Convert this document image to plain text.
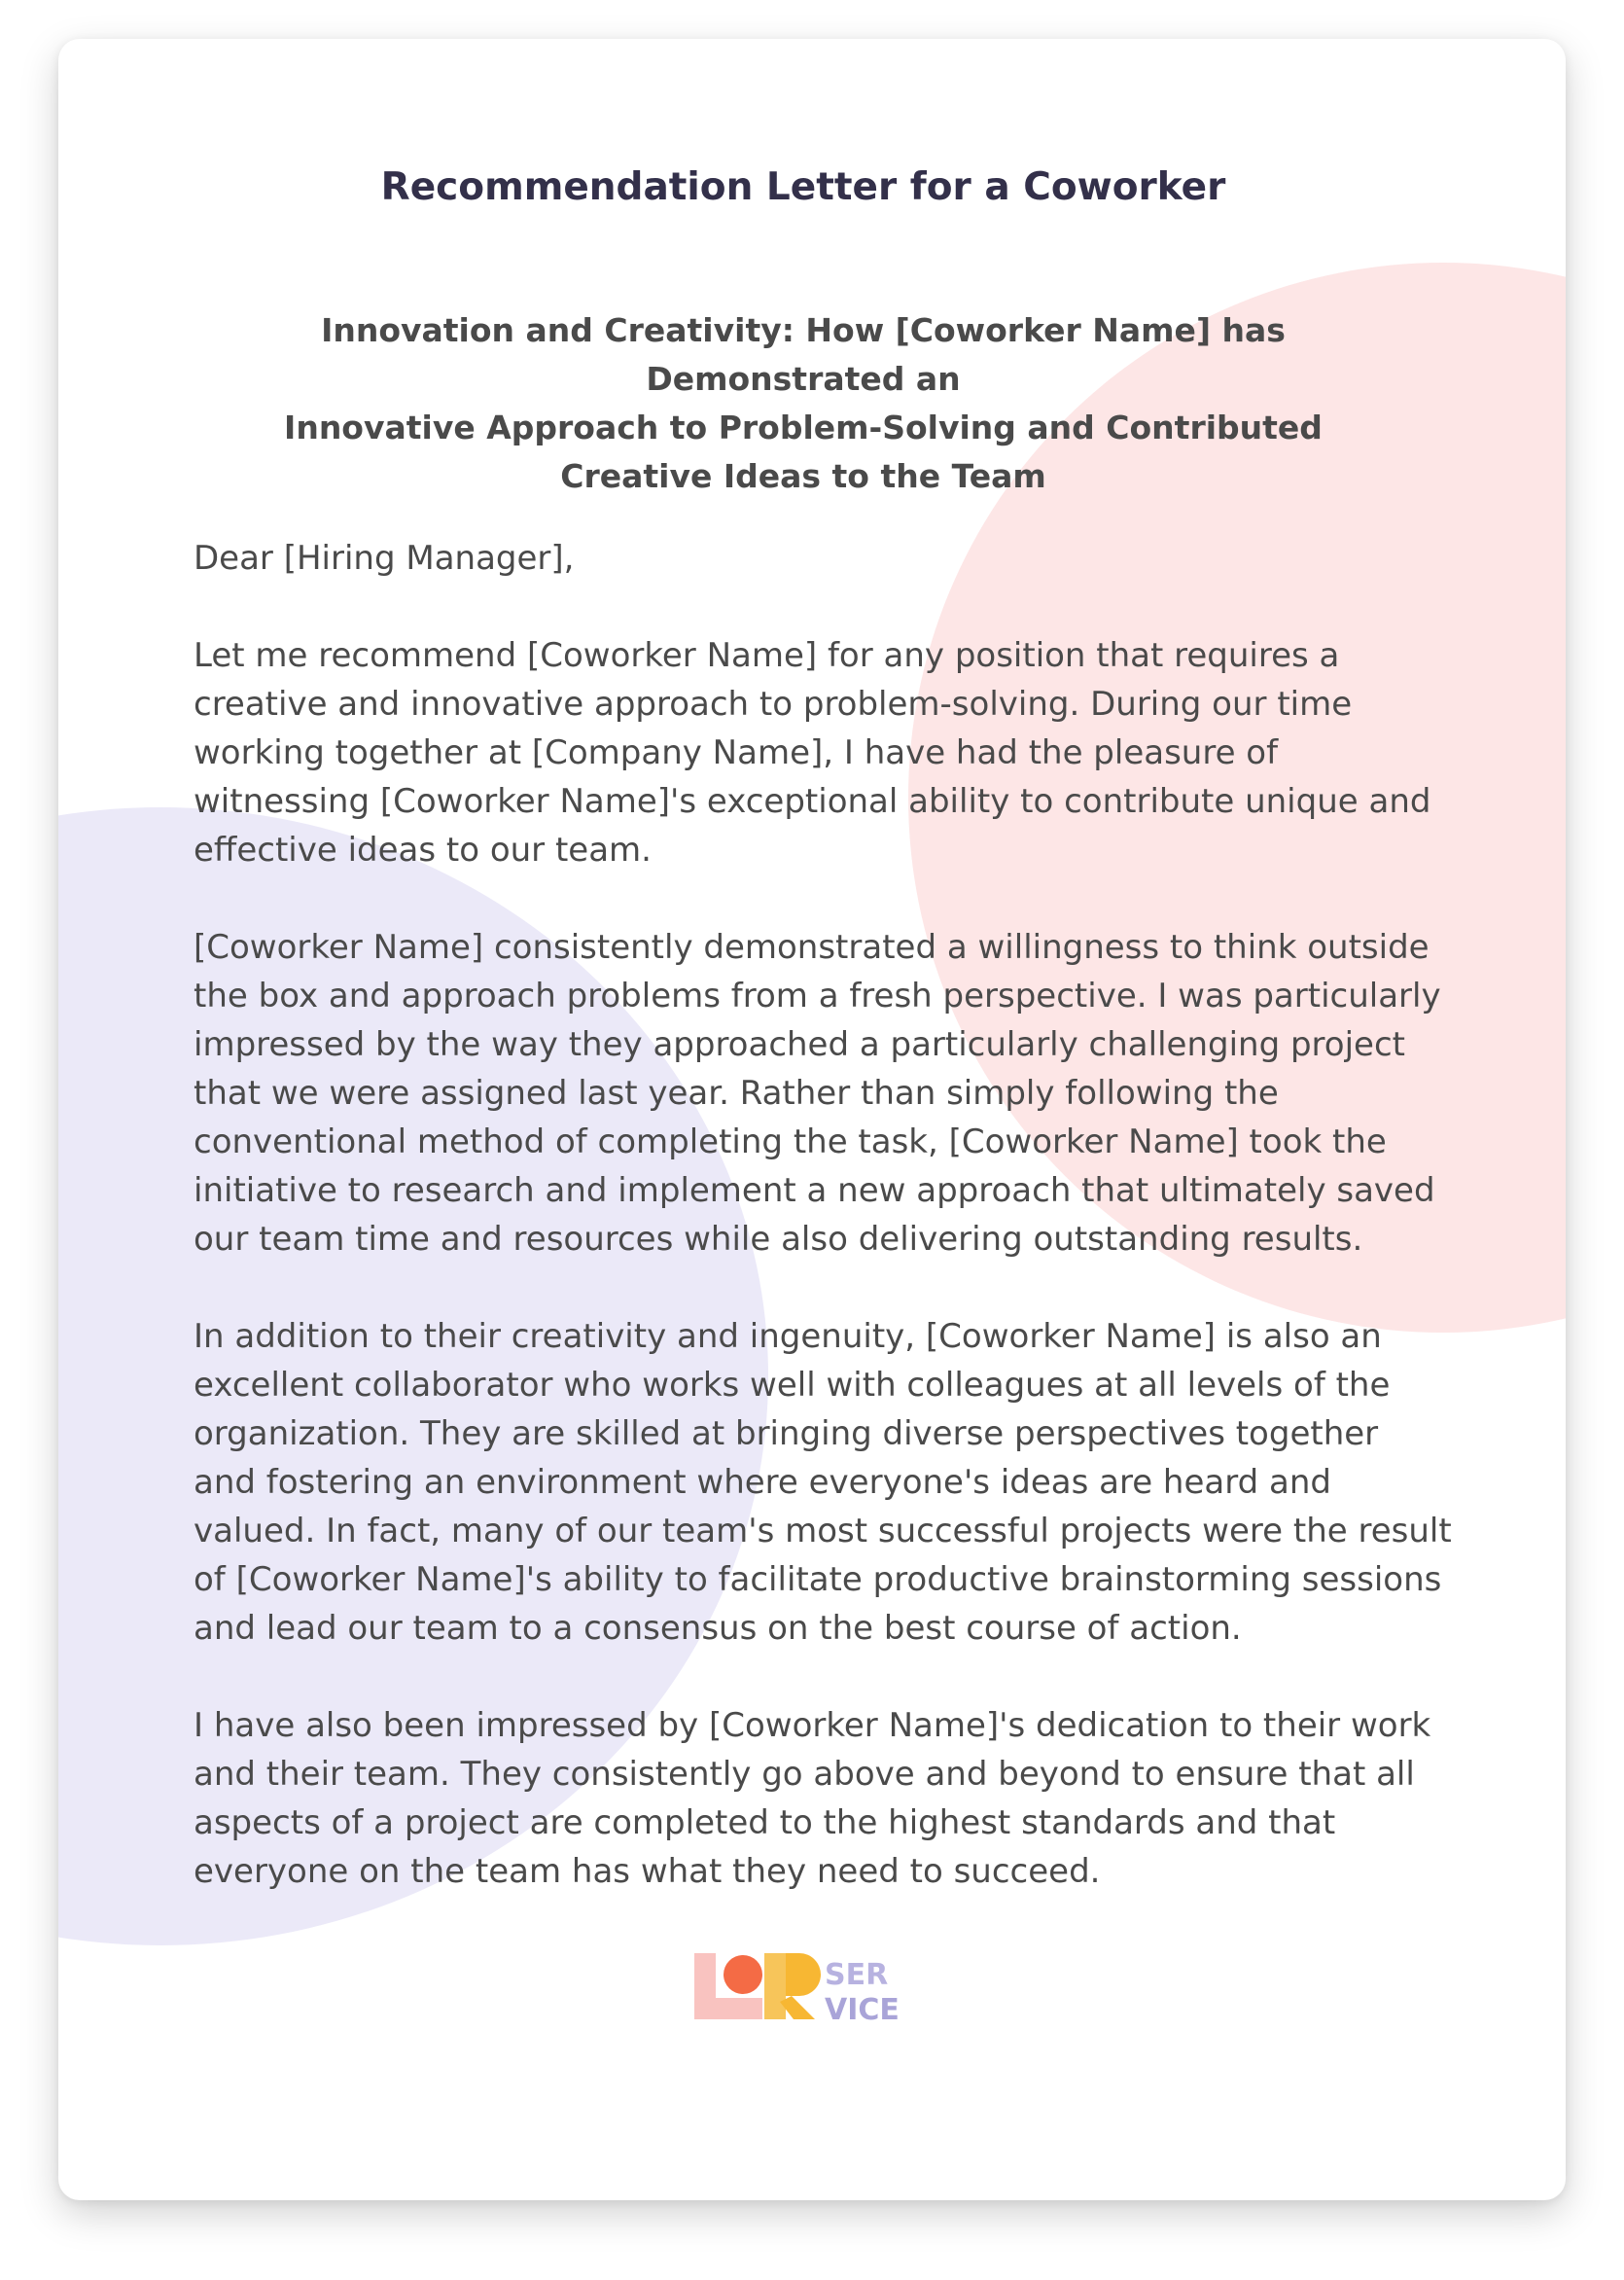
Recommendation Letter for a Coworker
Innovation and Creativity: How [Coworker Name] has Demonstrated an
Innovative Approach to Problem-Solving and Contributed
Creative Ideas to the Team

Dear [Hiring Manager],

Let me recommend [Coworker Name] for any position that requires a
creative and innovative approach to problem-solving. During our time
working together at [Company Name], I have had the pleasure of
witnessing [Coworker Name]'s exceptional ability to contribute unique and
effective ideas to our team.

[Coworker Name] consistently demonstrated a willingness to think outside
the box and approach problems from a fresh perspective. I was particularly
impressed by the way they approached a particularly challenging project
that we were assigned last year. Rather than simply following the
conventional method of completing the task, [Coworker Name] took the
initiative to research and implement a new approach that ultimately saved
our team time and resources while also delivering outstanding results.

In addition to their creativity and ingenuity, [Coworker Name] is also an
excellent collaborator who works well with colleagues at all levels of the
organization. They are skilled at bringing diverse perspectives together
and fostering an environment where everyone's ideas are heard and
valued. In fact, many of our team's most successful projects were the result
of [Coworker Name]'s ability to facilitate productive brainstorming sessions
and lead our team to a consensus on the best course of action.

I have also been impressed by [Coworker Name]'s dedication to their work
and their team. They consistently go above and beyond to ensure that all
aspects of a project are completed to the highest standards and that
everyone on the team has what they need to succeed.

SER
VICE
